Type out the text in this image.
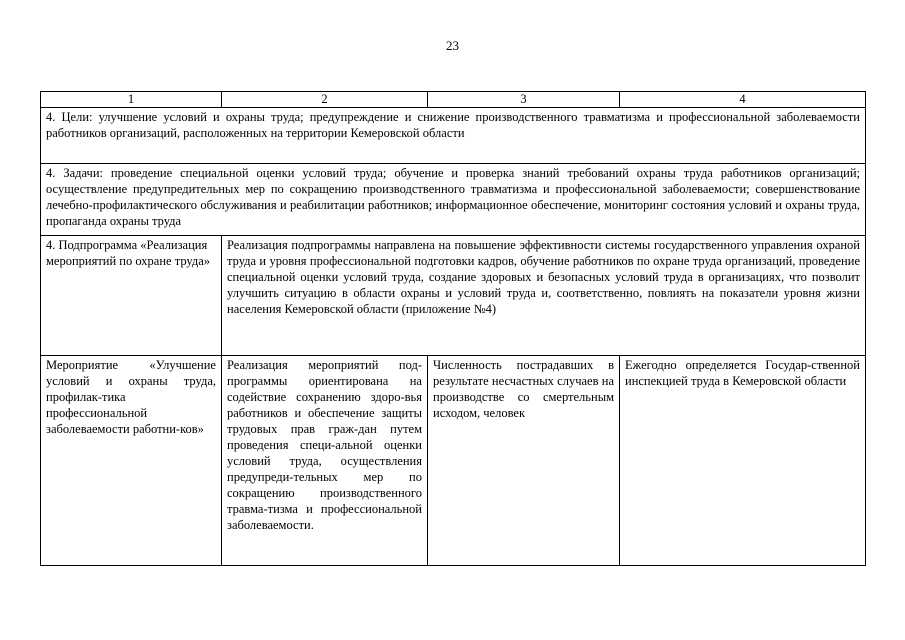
23
1	2	3	4
4. Цели: улучшение условий и охраны труда; предупреждение и снижение производственного травматизма и профессиональной заболеваемости работников организаций, расположенных на территории Кемеровской области			
4. Задачи: проведение специальной оценки условий труда; обучение и проверка знаний требований охраны труда работников организаций; осуществление предупредительных мер по сокращению производственного травматизма и профессиональной заболеваемости; совершенствование лечебно-профилактического обслуживания и реабилитации работников; информационное обеспечение, мониторинг состояния условий и охраны труда, пропаганда охраны труда			
4. Подпрограмма «Реализация мероприятий по охране труда»	Реализация подпрограммы направлена на повышение эффективности системы государственного управления охраной труда и уровня профессиональной подготовки кадров, обучение работников по охране труда организаций, проведение специальной оценки условий труда, создание здоровых и безопасных условий труда в организациях, что позволит улучшить ситуацию в области охраны и условий труда и, соответственно, повлиять на показатели уровня жизни населения Кемеровской области (приложение №4)		
Мероприятие «Улучшение условий и охраны труда, профилак-тика профессиональной заболеваемости работни-ков»	Реализация мероприятий под-программы ориентирована на содействие сохранению здоро-вья работников и обеспечение защиты трудовых прав граж-дан путем проведения специ-альной оценки условий труда, осуществления предупреди-тельных мер по сокращению производственного травма-тизма и профессиональной заболеваемости.	Численность пострадавших в результате несчастных случаев на производстве со смертельным исходом, человек	Ежегодно определяется Государ-ственной инспекцией труда в Кемеровской области
